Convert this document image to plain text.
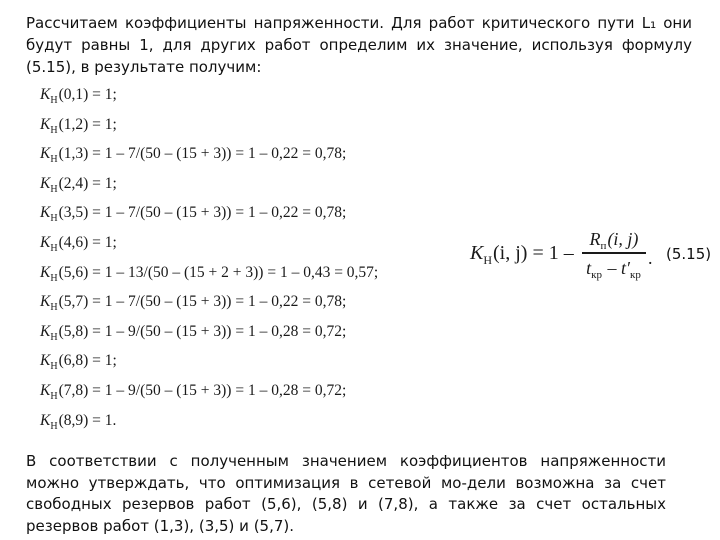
Рассчитаем коэффициенты напряженности. Для работ критического пути L₁ они будут равны 1, для других работ определим их значение, используя формулу (5.15), в результате получим:

$K_Н(0,1) = 1$;
$K_Н(1,2) = 1$;
$K_Н(1,3) = 1 - 7/(50 - (15 + 3)) = 1 - 0,22 = 0,78$;
$K_Н(2,4) = 1$;
$K_Н(3,5) = 1 - 7/(50 - (15 + 3)) = 1 - 0,22 = 0,78$;
$K_Н(4,6) = 1$;
$K_Н(5,6) = 1 - 13/(50 - (15 + 2 + 3)) = 1 - 0,43 = 0,57$;
$K_Н(5,7) = 1 - 7/(50 - (15 + 3)) = 1 - 0,22 = 0,78$;
$K_Н(5,8) = 1 - 9/(50 - (15 + 3)) = 1 - 0,28 = 0,72$;
$K_Н(6,8) = 1$;
$K_Н(7,8) = 1 - 9/(50 - (15 + 3)) = 1 - 0,28 = 0,72$;
$K_Н(8,9) = 1$.
$K_Н(i$, j) = 1 –
$R_п(i$, j)
$t_{кр} - t'_{кр}$
. (5.15)

В соответствии с полученным значением коэффициентов напряженности можно утверждать, что оптимизация в сетевой мо-дели возможна за счет свободных резервов работ (5,6), (5,8) и (7,8), а также за счет остальных резервов работ (1,3), (3,5) и (5,7).
